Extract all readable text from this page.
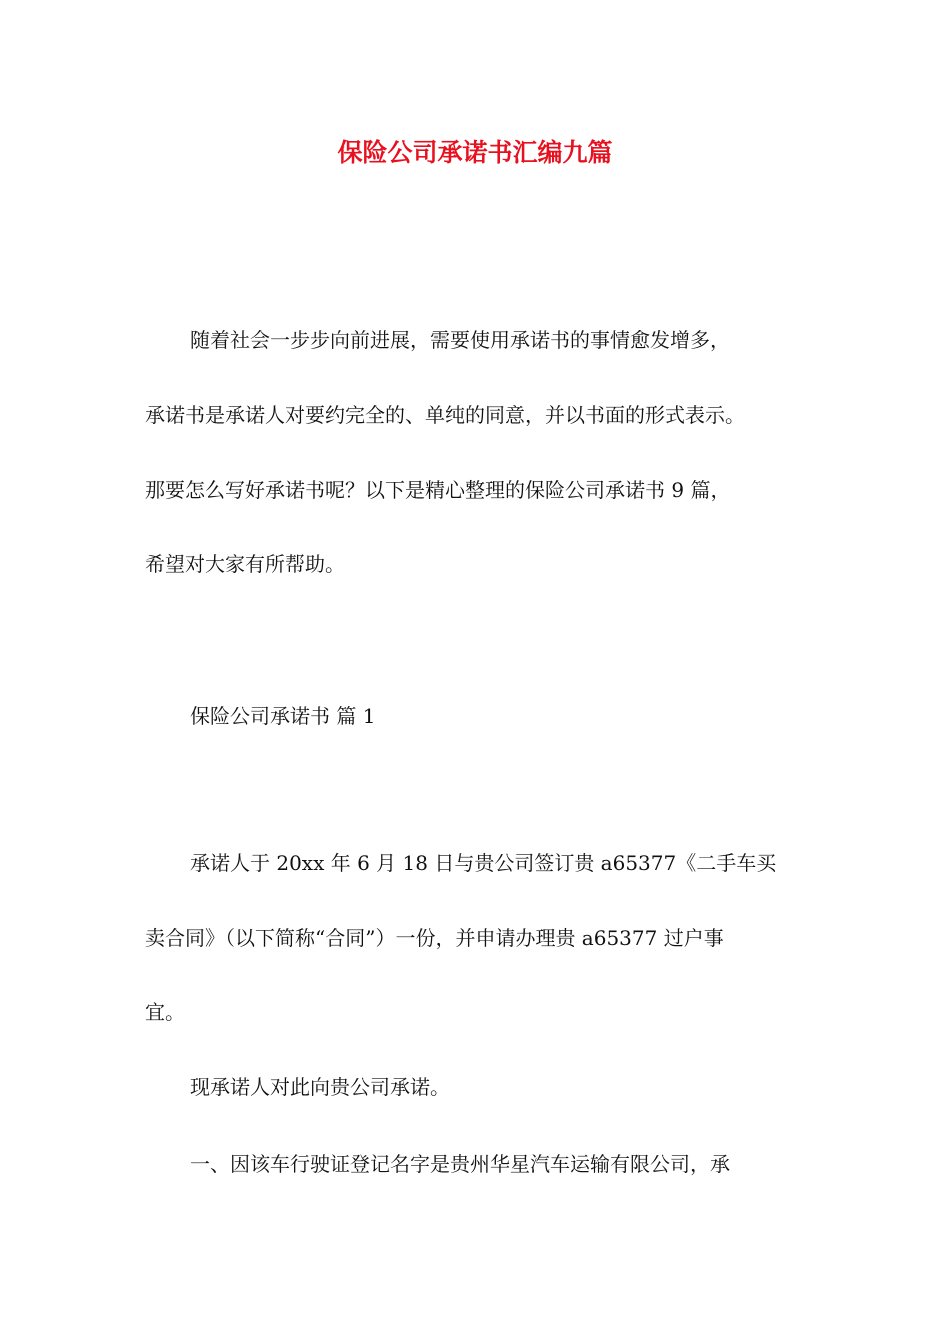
保险公司承诺书汇编九篇
随着社会一步步向前进展，需要使用承诺书的事情愈发增多，
承诺书是承诺人对要约完全的、单纯的同意，并以书面的形式表示。
那要怎么写好承诺书呢？以下是精心整理的保险公司承诺书 9 篇，
希望对大家有所帮助。
保险公司承诺书 篇 1
承诺人于 20xx 年 6 月 18 日与贵公司签订贵 a65377《二手车买
卖合同》（以下简称“合同”）一份，并申请办理贵 a65377 过户事
宜。
现承诺人对此向贵公司承诺。
一、因该车行驶证登记名字是贵州华星汽车运输有限公司，承
